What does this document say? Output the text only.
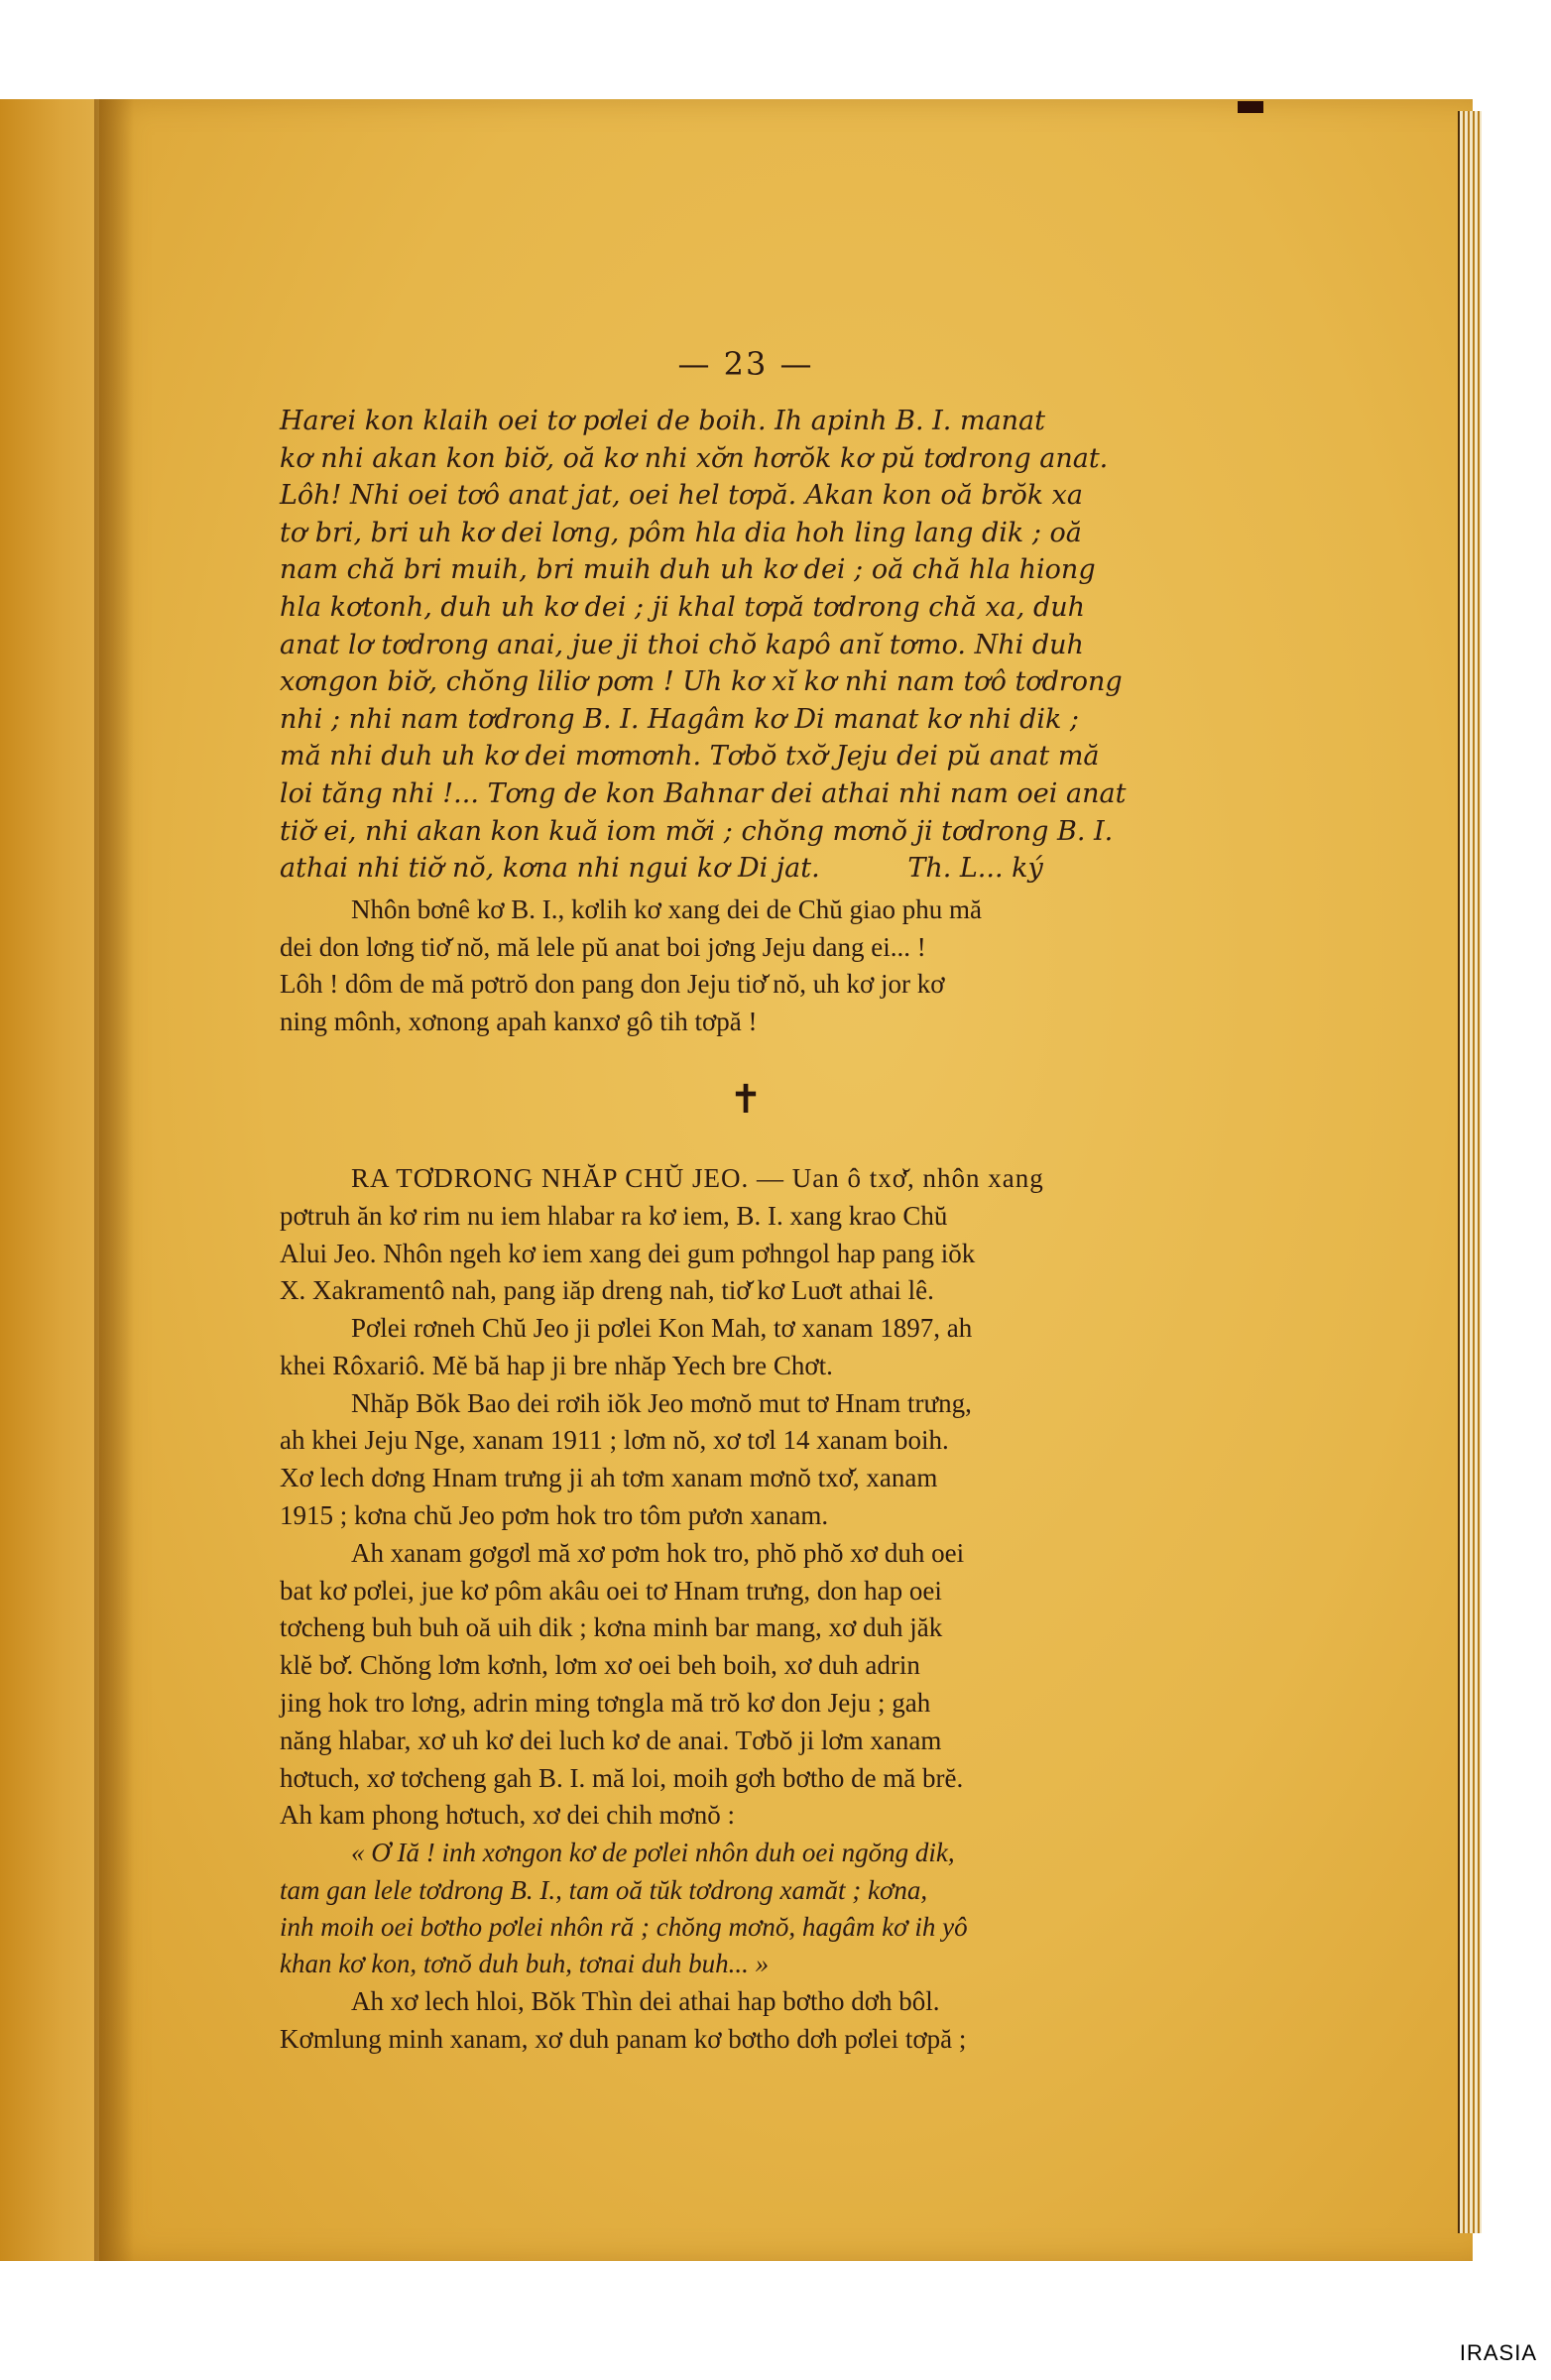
— 23 —
Harei kon klaih oei tơ pơlei de boih. Ih apinh B. I. manat
kơ nhi akan kon biơ̆, oă kơ nhi xơ̆n hơrŏk kơ pŭ tơdrong anat.
Lôh! Nhi oei tơô anat jat, oei hel tơpă. Akan kon oă brŏk xa
tơ bri, bri uh kơ dei lơng, pôm hla dia hoh ling lang dik ; oă
nam chă bri muih, bri muih duh uh kơ dei ; oă chă hla hiong
hla kơtonh, duh uh kơ dei ; ji khal tơpă tơdrong chă xa, duh
anat lơ tơdrong anai, jue ji thoi chŏ kapô anĭ tơmo. Nhi duh
xơngon biơ̆, chŏng liliơ pơm ! Uh kơ xĭ kơ nhi nam tơô tơdrong
nhi ; nhi nam tơdrong B. I. Hagâm kơ Di manat kơ nhi dik ;
mă nhi duh uh kơ dei mơmơnh. Tơbŏ txơ̆ Jeju dei pŭ anat mă
loi tăng nhi !... Tơng de kon Bahnar dei athai nhi nam oei anat
tiơ̆ ei, nhi akan kon kuă iom mơ̆i ; chŏng mơnŏ ji tơdrong B. I.
athai nhi tiơ̆ nŏ, kơna nhi ngui kơ Di jat.	Th. L... ký
Nhôn bơnê kơ B. I., kơlih kơ xang dei de Chŭ giao phu mă
dei don lơng tiơ̆ nŏ, mă lele pŭ anat boi jơng Jeju dang ei... !
Lôh ! dôm de mă pơtrŏ don pang don Jeju tiơ̆ nŏ, uh kơ jor kơ
ning mônh, xơnong apah kanxơ gô tih tơpă !
✝
RA TƠDRONG NHĂP CHŬ JEO. — Uan ô txơ̆, nhôn xang
pơtruh ăn kơ rim nu iem hlabar ra kơ iem, B. I. xang krao Chŭ
Alui Jeo. Nhôn ngeh kơ iem xang dei gum pơhngol hap pang iŏk
X. Xakramentô nah, pang iăp dreng nah, tiơ̆ kơ Luơt athai lê.
Pơlei rơneh Chŭ Jeo ji pơlei Kon Mah, tơ xanam 1897, ah
khei Rôxariô. Mĕ bă hap ji bre nhăp Yech bre Chơt.
Nhăp Bŏk Bao dei rơih iŏk Jeo mơnŏ mut tơ Hnam trưng,
ah khei Jeju Nge, xanam 1911 ; lơm nŏ, xơ tơl 14 xanam boih.
Xơ lech dơng Hnam trưng ji ah tơm xanam mơnŏ txơ̆, xanam
1915 ; kơna chŭ Jeo pơm hok tro tôm pươn xanam.
Ah xanam gơgơl mă xơ pơm hok tro, phŏ phŏ xơ duh oei
bat kơ pơlei, jue kơ pôm akâu oei tơ Hnam trưng, don hap oei
tơcheng buh buh oă uih dik ; kơna minh bar mang, xơ duh jăk
klĕ bơ̆. Chŏng lơm kơnh, lơm xơ oei beh boih, xơ duh adrin
jing hok tro lơng, adrin ming tơngla mă trŏ kơ don Jeju ; gah
năng hlabar, xơ uh kơ dei luch kơ de anai. Tơbŏ ji lơm xanam
hơtuch, xơ tơcheng gah B. I. mă loi, moih gơh bơtho de mă brĕ.
Ah kam phong hơtuch, xơ dei chih mơnŏ :
« Ơ Iă ! inh xơngon kơ de pơlei nhôn duh oei ngŏng dik,
tam gan lele tơdrong B. I., tam oă tŭk tơdrong xamăt ; kơna,
inh moih oei bơtho pơlei nhôn ră ; chŏng mơnŏ, hagâm kơ ih yô
khan kơ kon, tơnŏ duh buh, tơnai duh buh... »
Ah xơ lech hloi, Bŏk Thìn dei athai hap bơtho dơh bôl.
Kơmlung minh xanam, xơ duh panam kơ bơtho dơh pơlei tơpă ;
IRASIA
